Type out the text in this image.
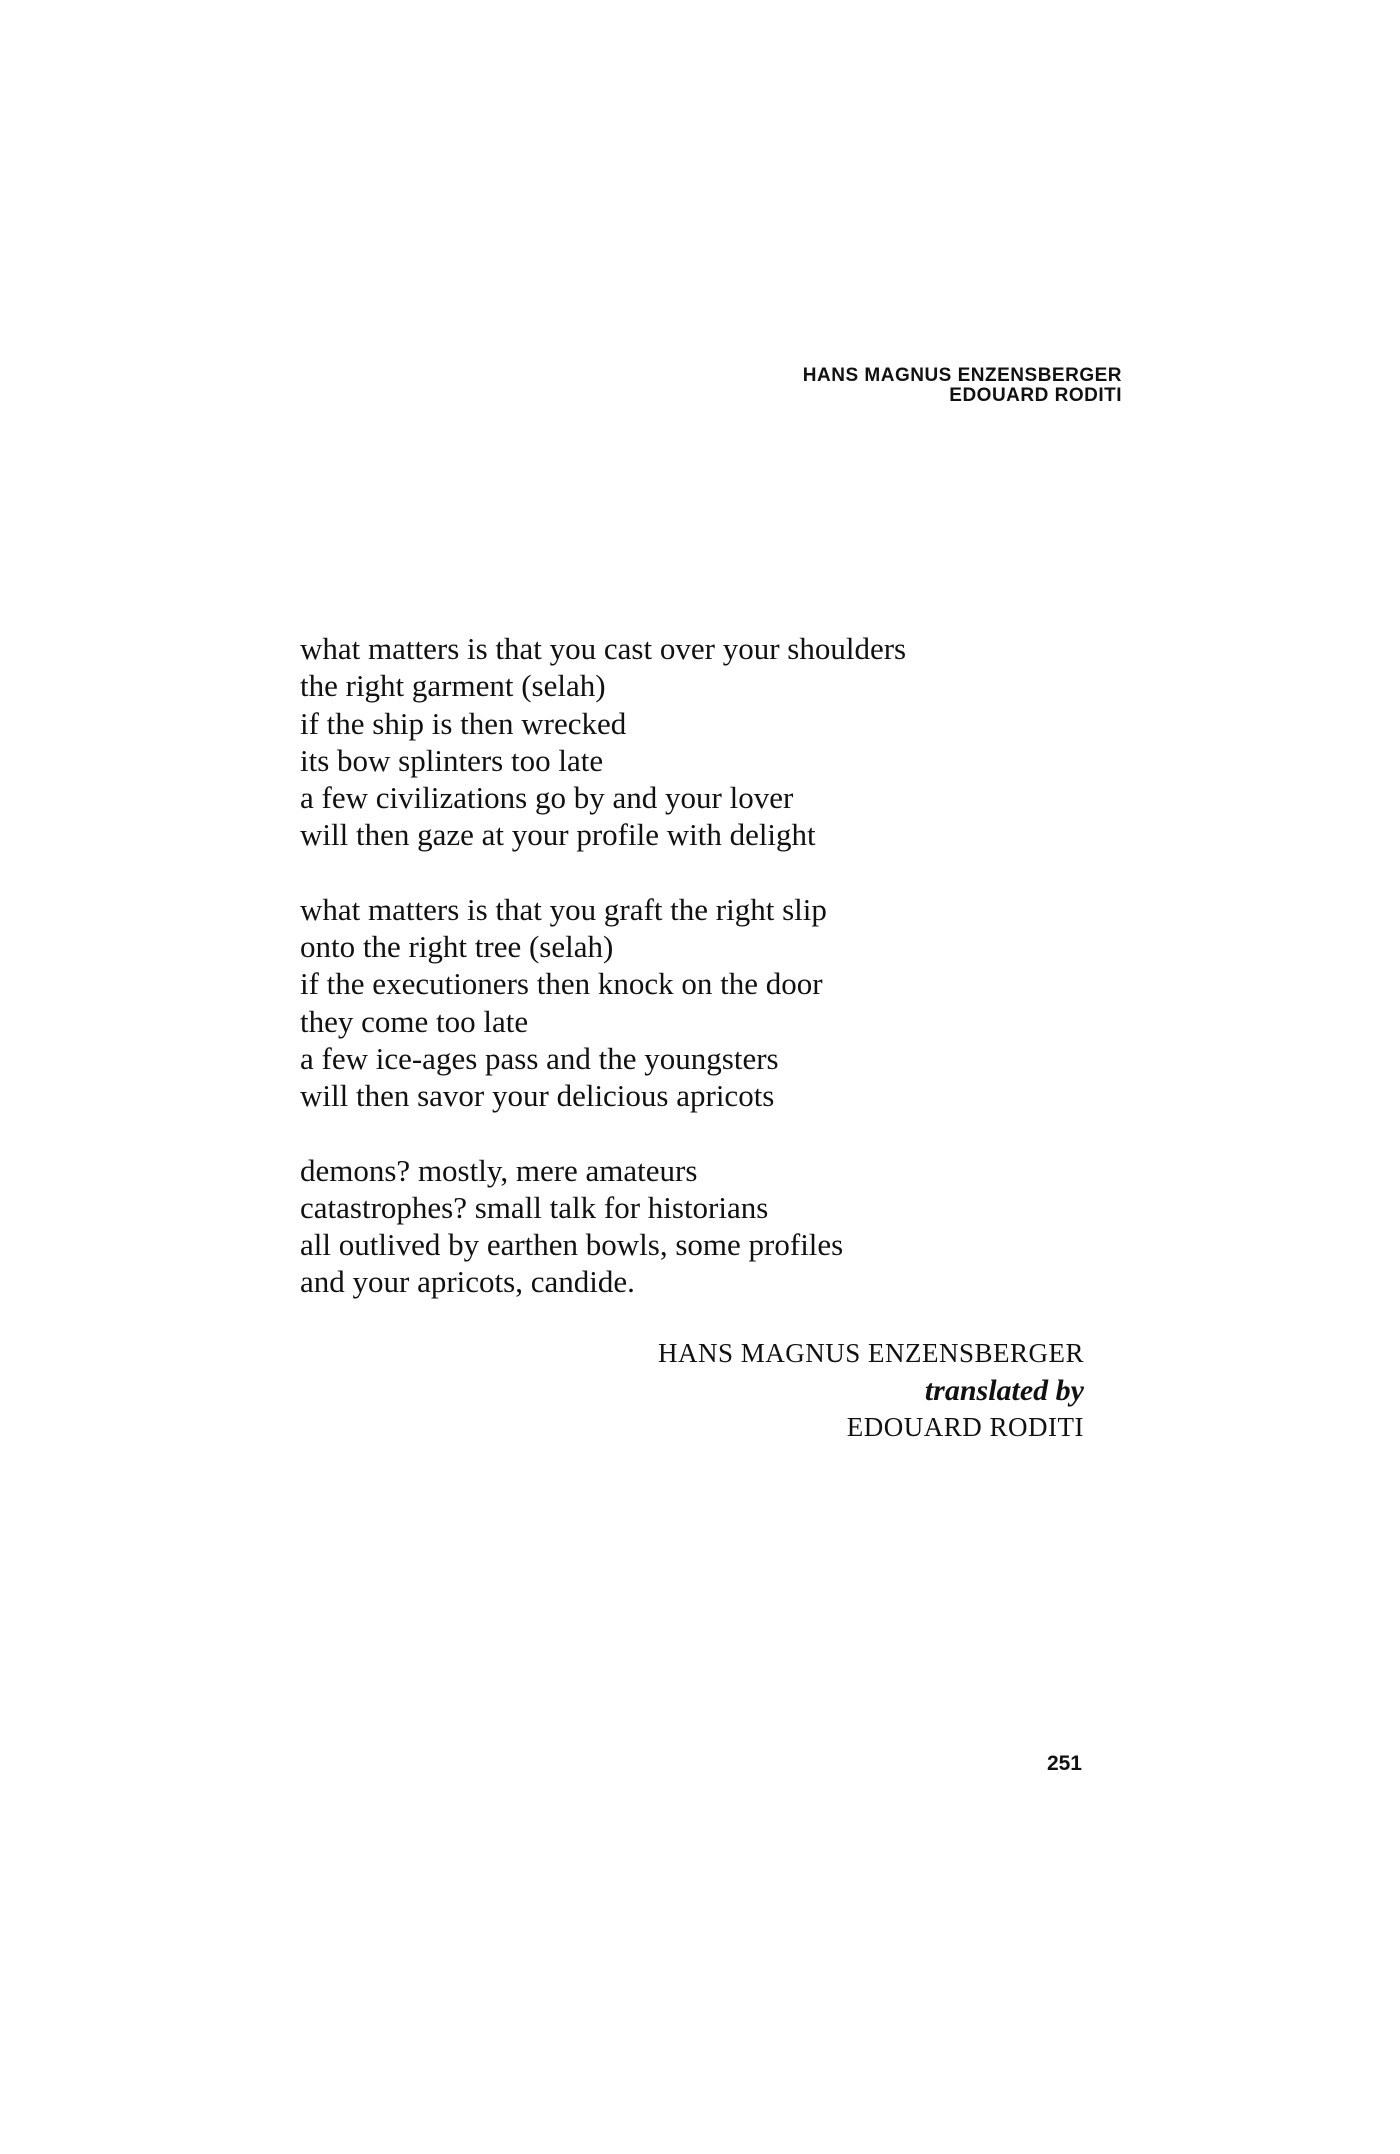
HANS MAGNUS ENZENSBERGER
EDOUARD RODITI
what matters is that you cast over your shoulders
the right garment (selah)
if the ship is then wrecked
its bow splinters too late
a few civilizations go by and your lover
will then gaze at your profile with delight
what matters is that you graft the right slip
onto the right tree (selah)
if the executioners then knock on the door
they come too late
a few ice-ages pass and the youngsters
will then savor your delicious apricots
demons? mostly, mere amateurs
catastrophes? small talk for historians
all outlived by earthen bowls, some profiles
and your apricots, candide.
HANS MAGNUS ENZENSBERGER
translated by
EDOUARD RODITI
251
